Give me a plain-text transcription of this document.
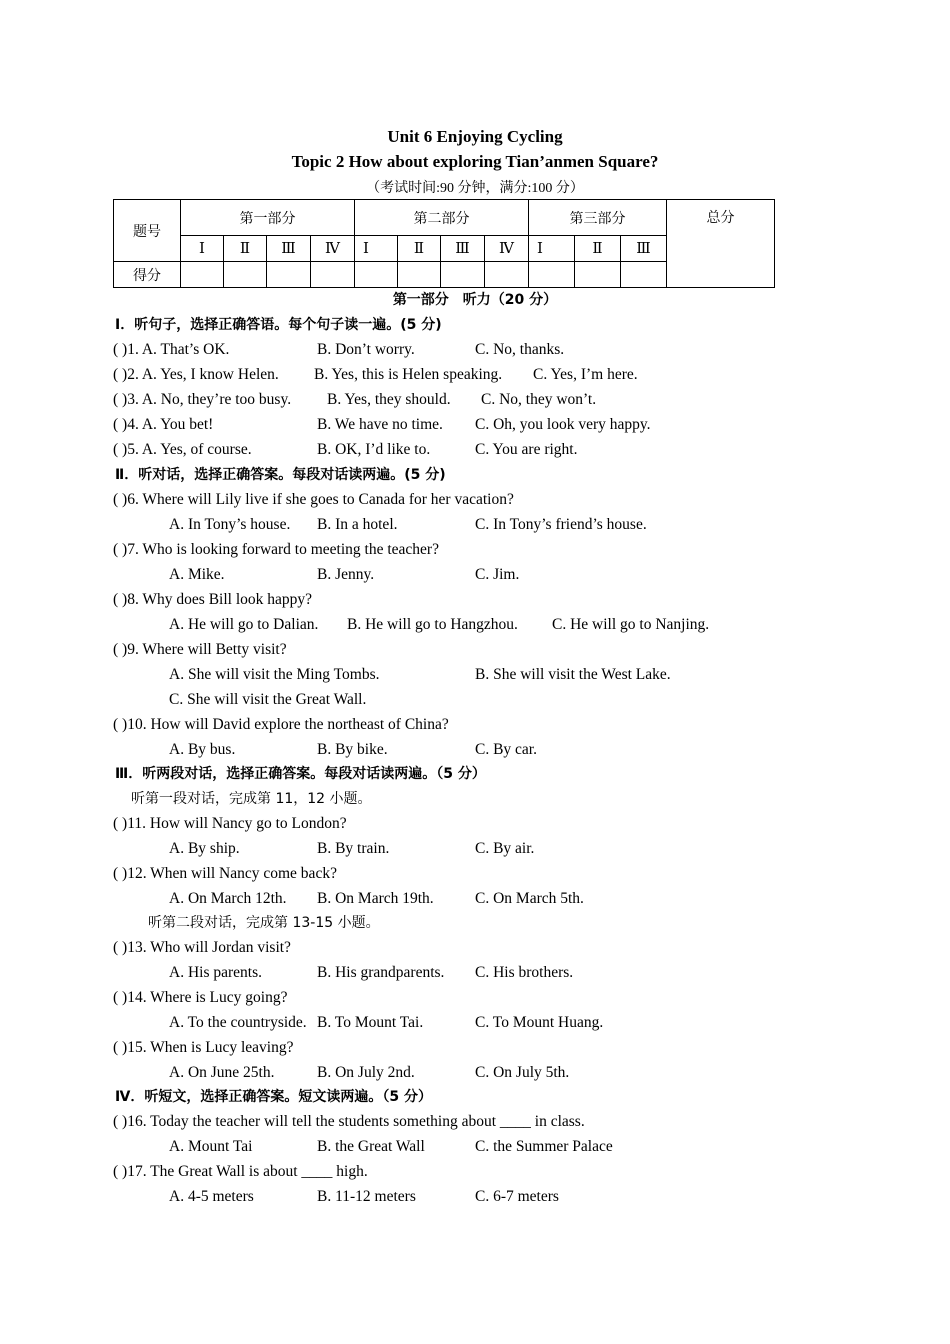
Unit 6 Enjoying Cycling
Topic 2 How about exploring Tian’anmen Square?
（考试时间:90 分钟，满分:100 分）
题号	第一部分				第二部分				第三部分			总分
	Ⅰ	Ⅱ	Ⅲ	Ⅳ	Ⅰ	Ⅱ	Ⅲ	Ⅳ	Ⅰ	Ⅱ	Ⅲ	
得分												
第一部分　听力（20 分）
Ⅰ．听句子，选择正确答语。每个句子读一遍。(5 分)
( )1. A. That’s OK.	B. Don’t worry.	C. No, thanks.
( )2. A. Yes, I know Helen. B. Yes, this is Helen speaking. C. Yes, I’m here.
( )3. A. No, they’re too busy. B. Yes, they should. C. No, they won’t.
( )4. A. You bet!	B. We have no time. C. Oh, you look very happy.
( )5. A. Yes, of course.	B. OK, I’d like to.	C. You are right.
Ⅱ．听对话，选择正确答案。每段对话读两遍。(5 分)
( )6. Where will Lily live if she goes to Canada for her vacation?
A. In Tony’s house. B. In a hotel.	C. In Tony’s friend’s house.
( )7. Who is looking forward to meeting the teacher?
A. Mike.	B. Jenny.	C. Jim.
( )8. Why does Bill look happy?
A. He will go to Dalian. B. He will go to Hangzhou. C. He will go to Nanjing.
( )9. Where will Betty visit?
A. She will visit the Ming Tombs.	B. She will visit the West Lake.
C. She will visit the Great Wall.
( )10. How will David explore the northeast of China?
A. By bus.	B. By bike.	C. By car.
Ⅲ．听两段对话，选择正确答案。每段对话读两遍。（5 分）
听第一段对话，完成第 11，12 小题。
( )11. How will Nancy go to London?
A. By ship.	B. By train.	C. By air.
( )12. When will Nancy come back?
A. On March 12th. B. On March 19th.	C. On March 5th.
听第二段对话，完成第 13-15 小题。
( )13. Who will Jordan visit?
A. His parents.	B. His grandparents. C. His brothers.
( )14. Where is Lucy going?
A. To the countryside. B. To Mount Tai.	C. To Mount Huang.
( )15. When is Lucy leaving?
A. On June 25th.	B. On July 2nd.	C. On July 5th.
Ⅳ．听短文，选择正确答案。短文读两遍。（5 分）
( )16. Today the teacher will tell the students something about ____ in class.
A. Mount Tai	B. the Great Wall	C. the Summer Palace
( )17. The Great Wall is about ____ high.
A. 4-5 meters	B. 11-12 meters	C. 6-7 meters
